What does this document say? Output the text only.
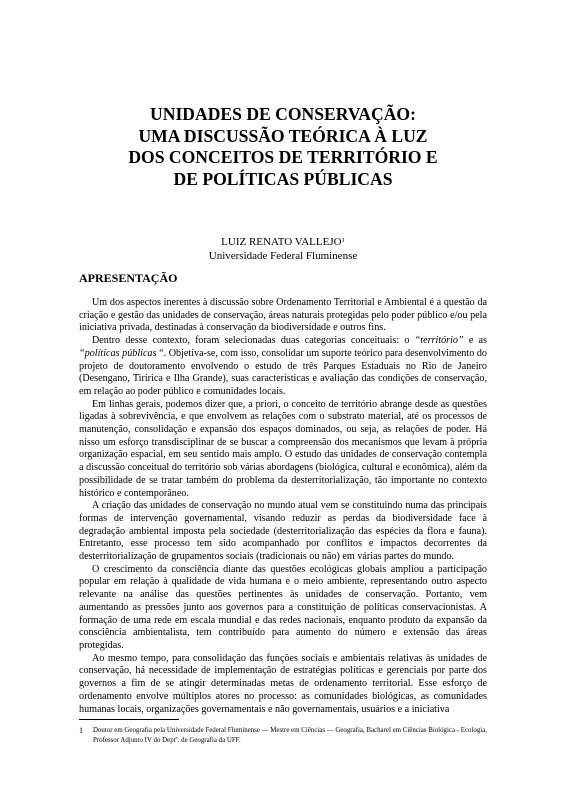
UNIDADES DE CONSERVAÇÃO:
UMA DISCUSSÃO TEÓRICA À LUZ
DOS CONCEITOS DE TERRITÓRIO E
DE POLÍTICAS PÚBLICAS
LUIZ RENATO VALLEJO$^1$
Universidade Federal Fluminense
APRESENTAÇÃO

Um dos aspectos inerentes à discussão sobre Ordenamento Territorial e Ambiental é a questão da criação e gestão das unidades de conservação, áreas naturais protegidas pelo poder público e/ou pela iniciativa privada, destinadas à conservação da biodiversidade e outros fins.

Dentro desse contexto, foram selecionadas duas categorias conceituais: o “território” e as “políticas públicas “. Objetiva-se, com isso, consolidar um suporte teórico para desenvolvimento do projeto de doutoramento envolvendo o estudo de três Parques Estaduais no Rio de Janeiro (Desengano, Tiririca e Ilha Grande), suas características e avaliação das condições de conservação, em relação ao poder público e comunidades locais.

Em linhas gerais, podemos dizer que, a priori, o conceito de território abrange desde as questões ligadas à sobrevivência, e que envolvem as relações com o substrato material, até os processos de manutenção, consolidação e expansão dos espaços dominados, ou seja, as relações de poder. Há nisso um esforço transdisciplinar de se buscar a compreensão dos mecanismos que levam à própria organização espacial, em seu sentido mais amplo. O estudo das unidades de conservação contempla a discussão conceitual do território sob várias abordagens (biológica, cultural e econômica), além da possibilidade de se tratar também do problema da desterritorialização, tão importante no contexto histórico e contemporâneo.

A criação das unidades de conservação no mundo atual vem se constituindo numa das principais formas de intervenção governamental, visando reduzir as perdas da biodiversidade face à degradação ambiental imposta pela sociedade (desterritorialização das espécies da flora e fauna). Entretanto, esse processo tem sido acompanhado por conflitos e impactos decorrentes da desterritorialização de grupamentos sociais (tradicionais ou não) em várias partes do mundo.

O crescimento da consciência diante das questões ecológicas globais ampliou a participação popular em relação à qualidade de vida humana e o meio ambiente, representando outro aspecto relevante na análise das questões pertinentes às unidades de conservação. Portanto, vem aumentando as pressões junto aos governos para a constituição de políticas conservacionistas. A formação de uma rede em escala mundial e das redes nacionais, enquanto produto da expansão da consciência ambientalista, tem contribuído para aumento do número e extensão das áreas protegidas.

Ao mesmo tempo, para consolidação das funções sociais e ambientais relativas às unidades de conservação, há necessidade de implementação de estratégias políticas e gerenciais por parte dos governos a fim de se atingir determinadas metas de ordenamento territorial. Esse esforço de ordenamento envolve múltiplos atores no processo: as comunidades biológicas, as comunidades humanas locais, organizações governamentais e não governamentais, usuários e a iniciativa

1	Doutor em Geografia pela Universidade Federal Fluminense — Mestre em Ciências — Geografia, Bacharel em Ciências Biológica - Ecologia, Professor Adjunto IV do Deptº. de Geografia da UFF.
